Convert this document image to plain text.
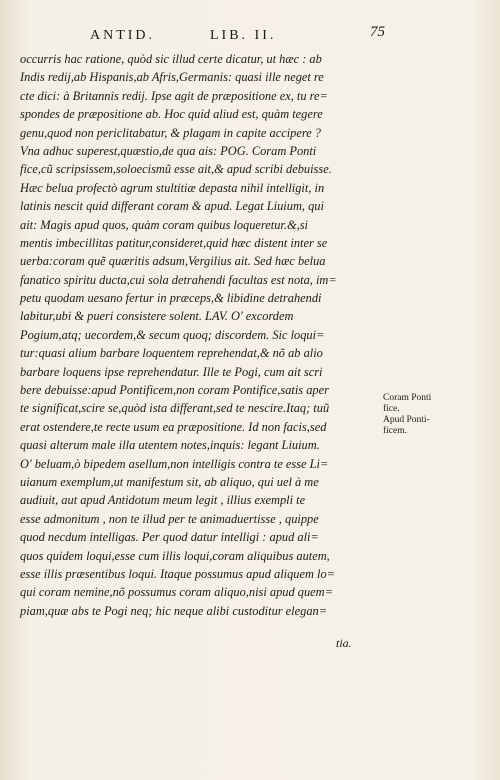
ANTID.	LIB. II.	75
occurris hac ratione, quòd sic illud certe dicatur, ut hæc : ab
Indis redij,ab Hispanis,ab Afris,Germanis: quasi ille neget re
cte dici: à Britannis redij. Ipse agit de præpositione ex, tu re=
spondes de præpositione ab. Hoc quid aliud est, quàm tegere
genu,quod non periclitabatur, & plagam in capite accipere ?
Vna adhuc superest,quæstio,de qua ais: POG. Coram Ponti
fice,cũ scripsissem,soloecismũ esse ait,& apud scribi debuisse.
Hæc belua profectò agrum stultitiæ depasta nihil intelligit, in
latinis nescit quid differant coram & apud. Legat Liuium, qui
ait: Magis apud quos, quàm coram quibus loqueretur.&,si
mentis imbecillitas patitur,consideret,quid hæc distent inter se
uerba:coram quẽ quæritis adsum,Vergilius ait. Sed hæc belua
fanatico spiritu ducta,cui sola detrahendi facultas est nota, im=
petu quodam uesano fertur in præceps,& libidine detrahendi
labitur,ubi & pueri consistere solent. LAV. O' excordem
Pogium,atq; uecordem,& secum quoq; discordem. Sic loqui=
tur:quasi alium barbare loquentem reprehendat,& nõ ab alio
barbare loquens ipse reprehendatur. Ille te Pogi, cum ait scri
bere debuisse:apud Pontificem,non coram Pontifice,satis aper
te significat,scire se,quòd ista differant,sed te nescire.Itaq; tuũ
erat ostendere,te recte usum ea præpositione. Id non facis,sed
quasi alterum male illa utentem notes,inquis: legant Liuium.
O' beluam,ò bipedem asellum,non intelligis contra te esse Li=
uianum exemplum,ut manifestum sit, ab aliquo, qui uel à me
audiuit, aut apud Antidotum meum legit , illius exempli te
esse admonitum , non te illud per te animaduertisse , quippe
quod necdum intelligas. Per quod datur intelligi : apud ali=
quos quidem loqui,esse cum illis loqui,coram aliquibus autem,
esse illis præsentibus loqui. Itaque possumus apud aliquem lo=
qui coram nemine,nõ possumus coram aliquo,nisi apud quem=
piam,quæ abs te Pogi neq; hic neque alibi custoditur elegan=
Coram Ponti
fice.
Apud Ponti-
ficem.
tia.
